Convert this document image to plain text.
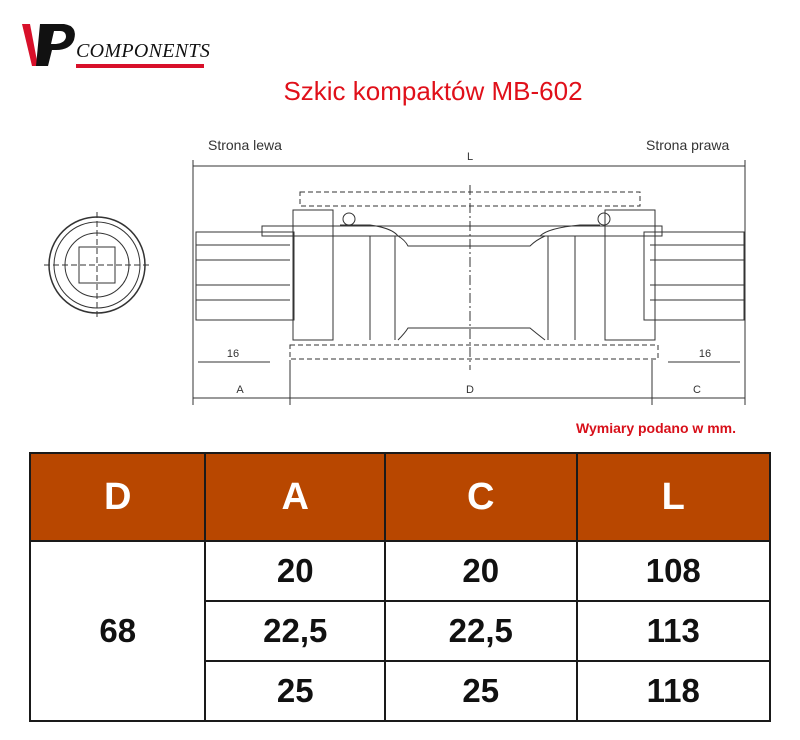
COMPONENTS
Szkic kompaktów MB-602
L
16	16
A	D	C
Strona lewa	Strona prawa
Wymiary podano w mm.
D	A	C	L
68	20	20	108
	22,5	22,5	113
	25	25	118
